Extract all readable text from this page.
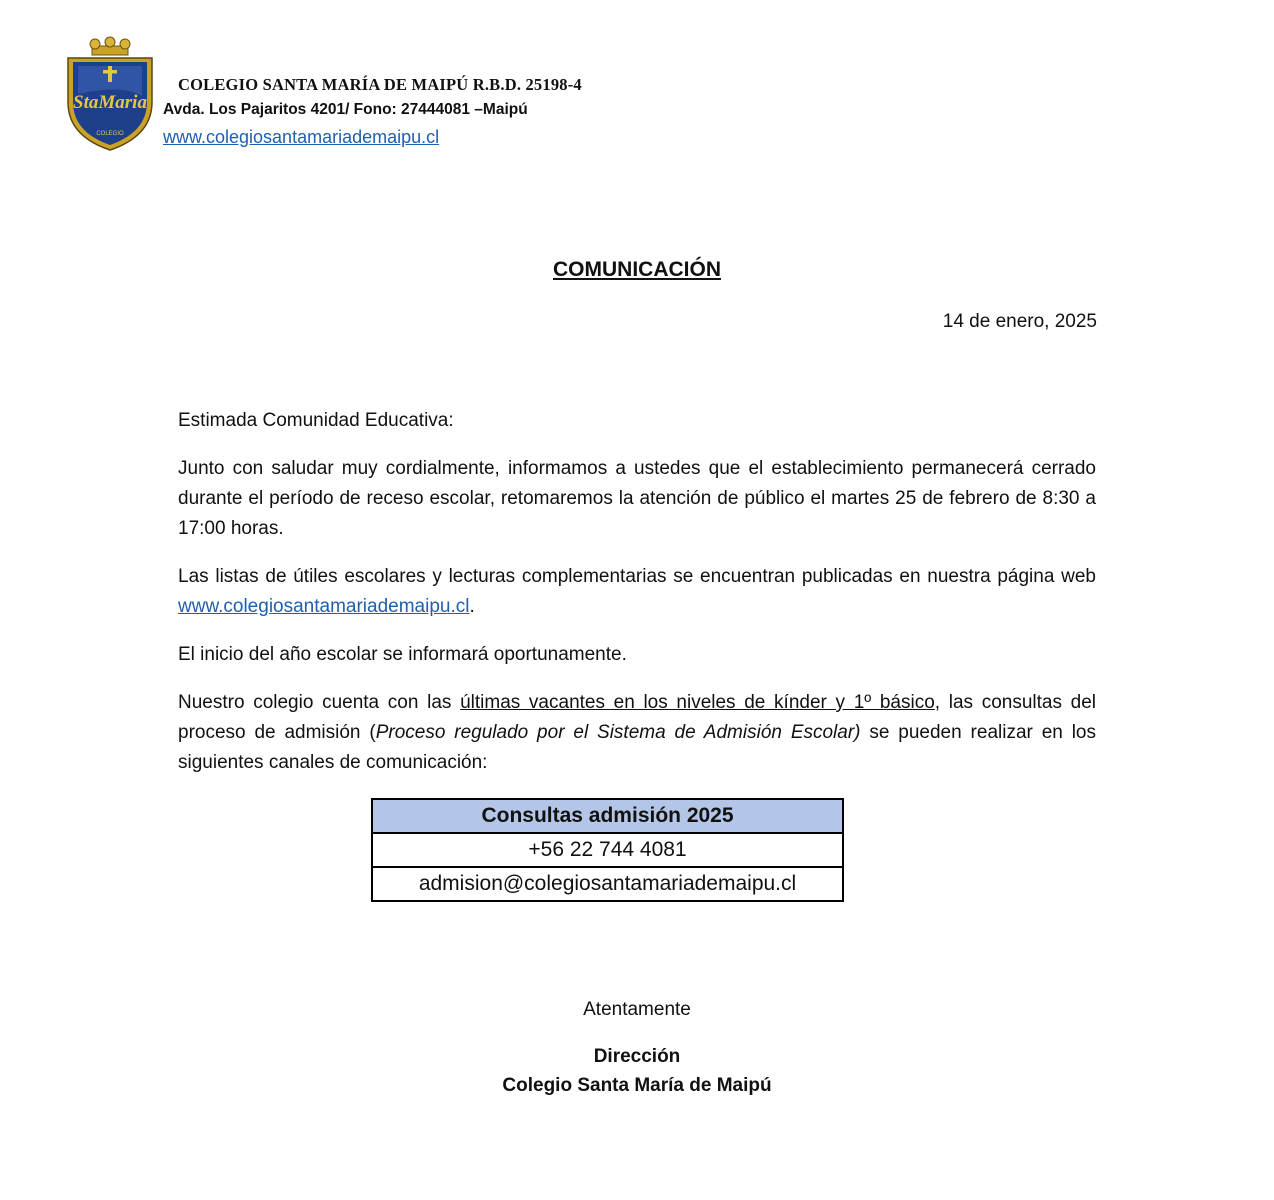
StaMaria
COLEGIO
COLEGIO SANTA MARÍA DE MAIPÚ R.B.D. 25198-4
Avda. Los Pajaritos 4201/ Fono: 27444081 –Maipú
www.colegiosantamariademaipu.cl
COMUNICACIÓN
14 de enero, 2025

Estimada Comunidad Educativa:

Junto con saludar muy cordialmente, informamos a ustedes que el establecimiento permanecerá cerrado durante el período de receso escolar, retomaremos la atención de público el martes 25 de febrero de 8:30 a 17:00 horas.

Las listas de útiles escolares y lecturas complementarias se encuentran publicadas en nuestra página web www.colegiosantamariademaipu.cl.

El inicio del año escolar se informará oportunamente.

Nuestro colegio cuenta con las últimas vacantes en los niveles de kínder y 1º básico, las consultas del proceso de admisión (Proceso regulado por el Sistema de Admisión Escolar) se pueden realizar en los siguientes canales de comunicación:

Consultas admisión 2025
+56 22 744 4081
admision@colegiosantamariademaipu.cl
Atentamente
Dirección
Colegio Santa María de Maipú
